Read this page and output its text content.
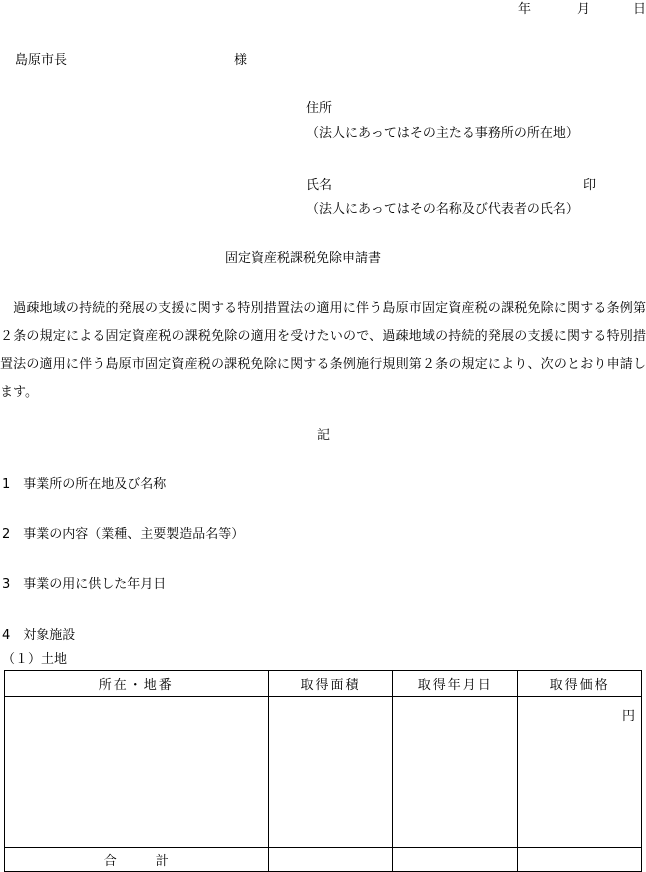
年	月	日
島原市長	様
住所
（法人にあってはその主たる事務所の所在地）
氏名	印
（法人にあってはその名称及び代表者の氏名）
固定資産税課税免除申請書
　過疎地域の持続的発展の支援に関する特別措置法の適用に伴う島原市固定資産税の課税免除に関する条例第２条の規定による固定資産税の課税免除の適用を受けたいので、過疎地域の持続的発展の支援に関する特別措置法の適用に伴う島原市固定資産税の課税免除に関する条例施行規則第２条の規定により、次のとおり申請します。
記
1　事業所の所在地及び名称
2　事業の内容（業種、主要製造品名等）
3　事業の用に供した年月日
4　対象施設
（１）土地
所在・地番	取得面積	取得年月日	取得価格

			円

合　　　計			
